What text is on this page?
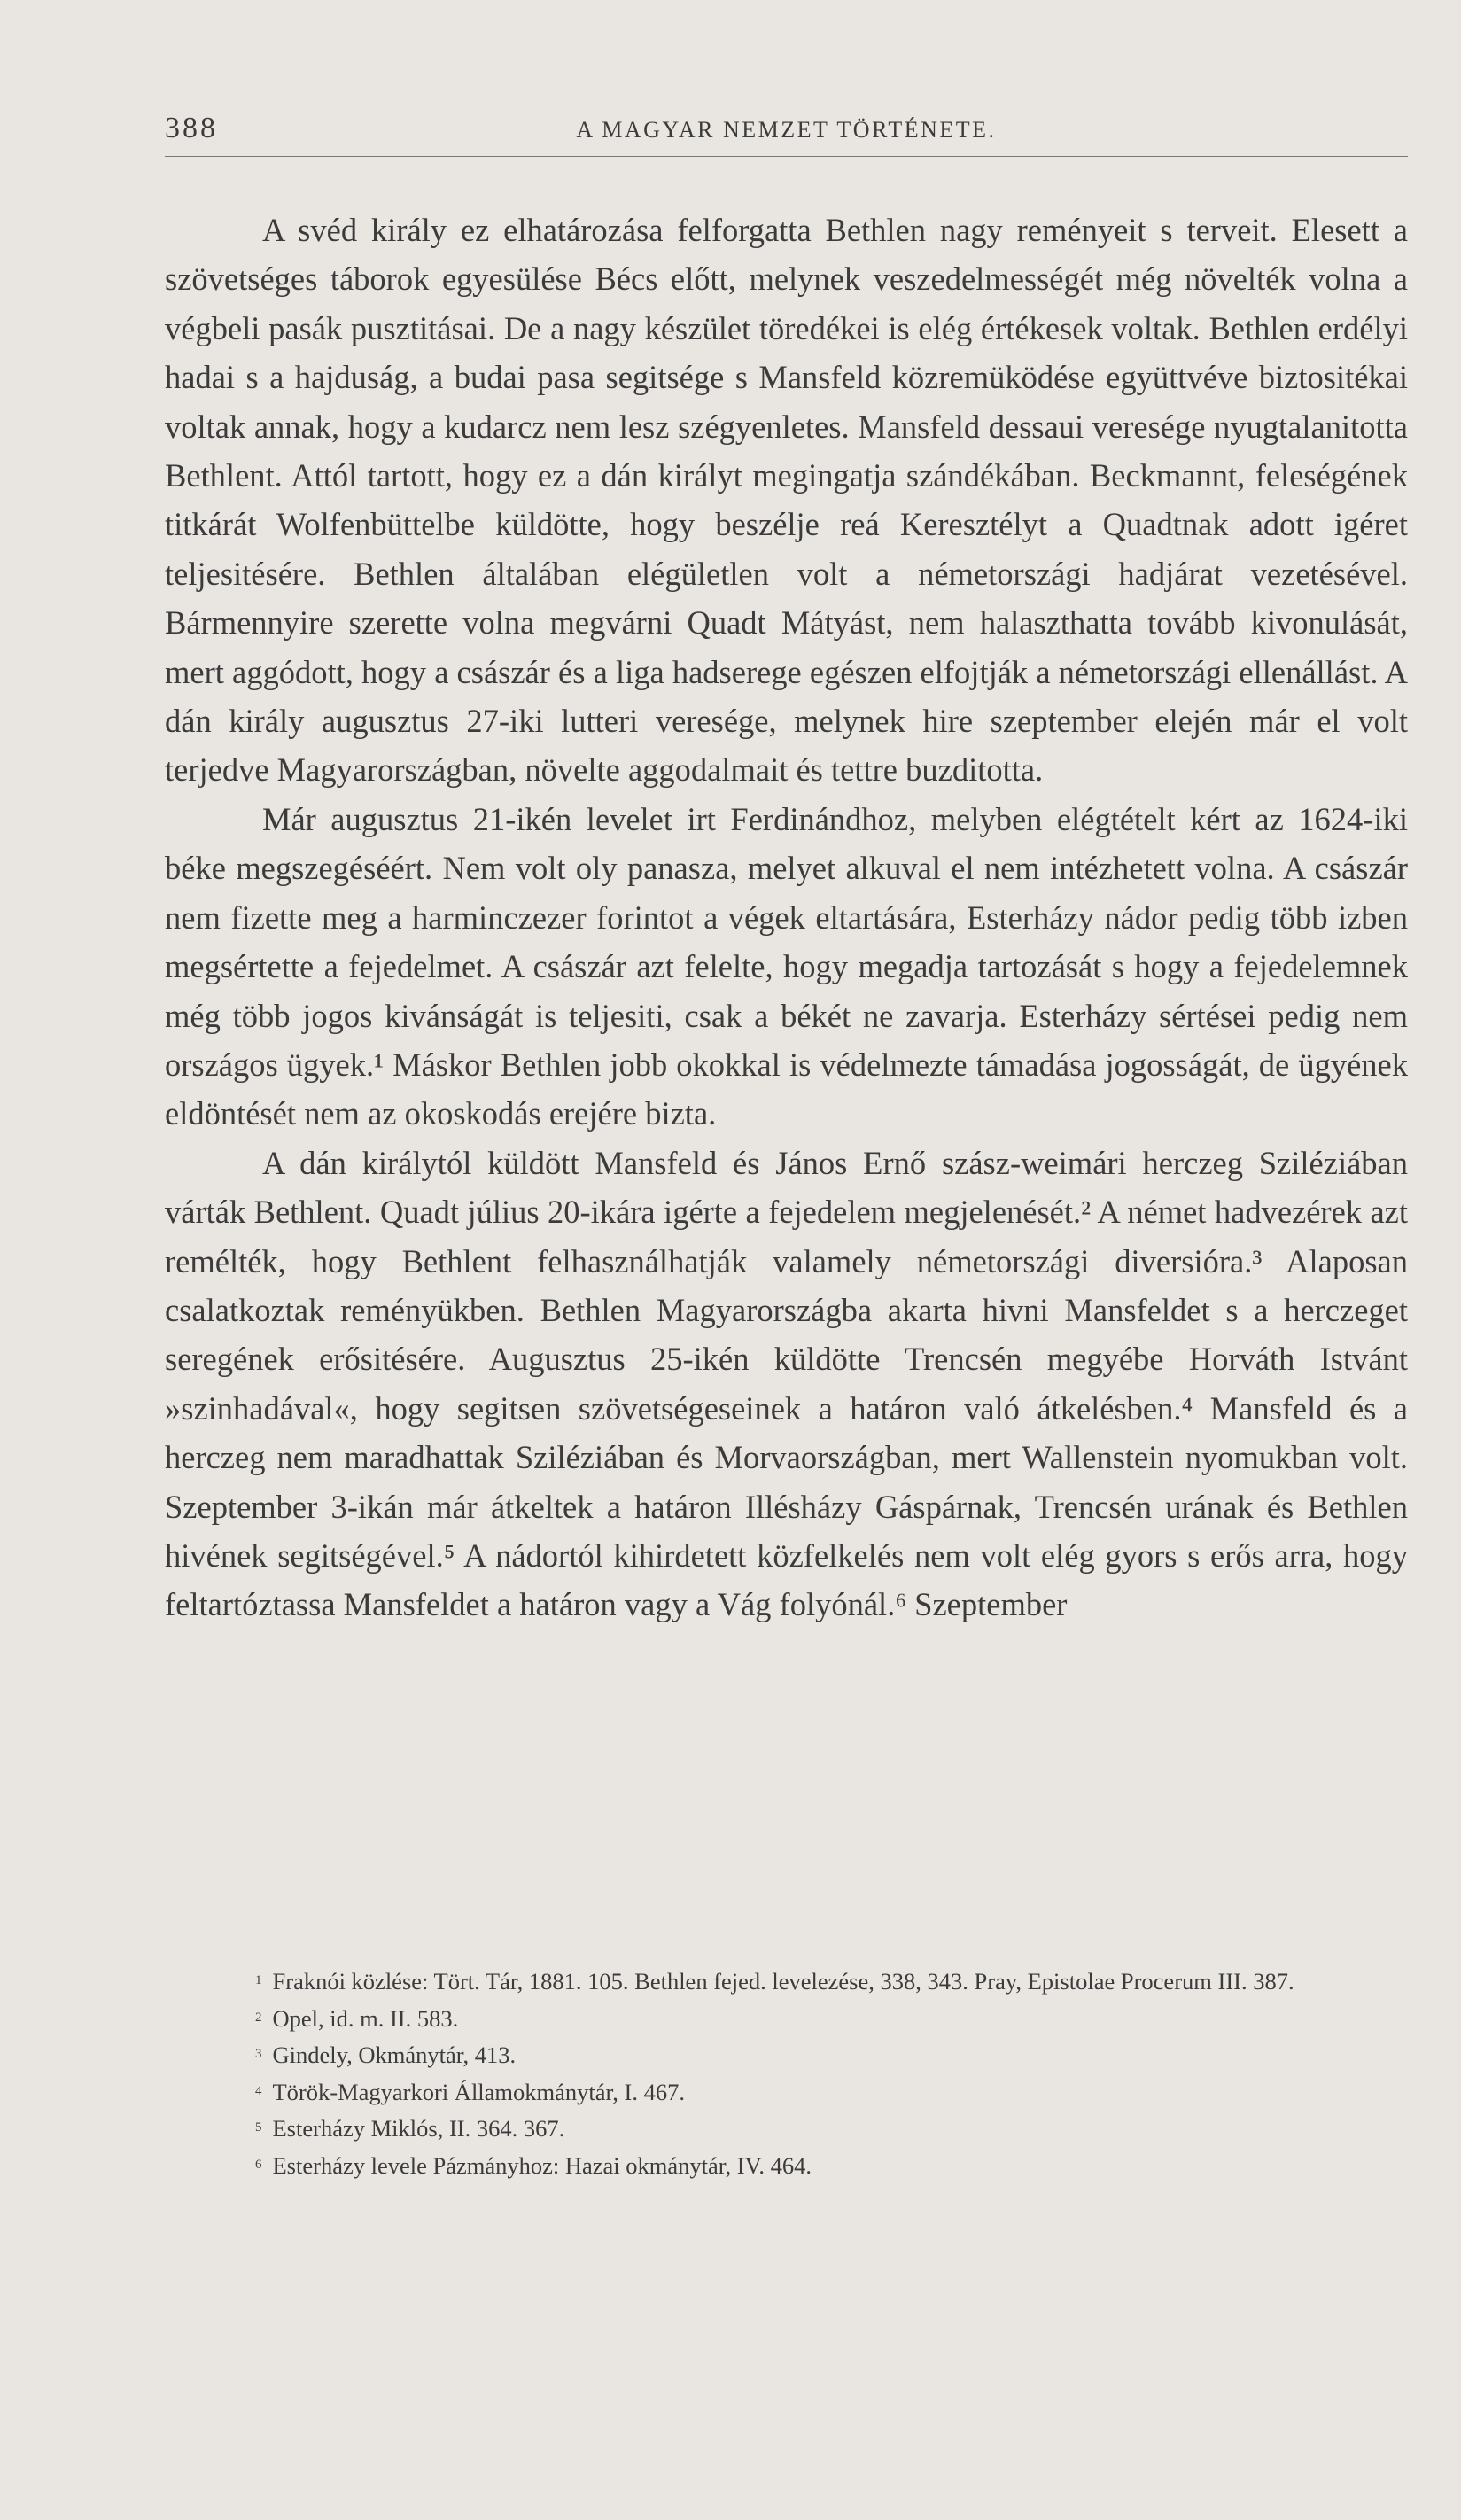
388	A MAGYAR NEMZET TÖRTÉNETE.

A svéd király ez elhatározása felforgatta Bethlen nagy reményeit s terveit. Elesett a szövetséges táborok egyesülése Bécs előtt, melynek veszedelmességét még növelték volna a végbeli pasák pusztitásai. De a nagy készület töredékei is elég értékesek voltak. Bethlen erdélyi hadai s a hajduság, a budai pasa segitsége s Mansfeld közremüködése együttvéve biztositékai voltak annak, hogy a kudarcz nem lesz szégyenletes. Mansfeld dessaui veresége nyugtalanitotta Bethlent. Attól tartott, hogy ez a dán királyt megingatja szándékában. Beckmannt, feleségének titkárát Wolfenbüttelbe küldötte, hogy beszélje reá Keresztélyt a Quadtnak adott igéret teljesitésére. Bethlen általában elégületlen volt a németországi hadjárat vezetésével. Bármennyire szerette volna megvárni Quadt Mátyást, nem halaszthatta tovább kivonulását, mert aggódott, hogy a császár és a liga hadserege egészen elfojtják a németországi ellenállást. A dán király augusztus 27-iki lutteri veresége, melynek hire szeptember elején már el volt terjedve Magyarországban, növelte aggodalmait és tettre buzditotta.

Már augusztus 21-ikén levelet irt Ferdinándhoz, melyben elégtételt kért az 1624-iki béke megszegéséért. Nem volt oly panasza, melyet alkuval el nem intézhetett volna. A császár nem fizette meg a harminczezer forintot a végek eltartására, Esterházy nádor pedig több izben megsértette a fejedelmet. A császár azt felelte, hogy megadja tartozását s hogy a fejedelemnek még több jogos kivánságát is teljesiti, csak a békét ne zavarja. Esterházy sértései pedig nem országos ügyek.¹ Máskor Bethlen jobb okokkal is védelmezte támadása jogosságát, de ügyének eldöntését nem az okoskodás erejére bizta.

A dán királytól küldött Mansfeld és János Ernő szász-weimári herczeg Sziléziában várták Bethlent. Quadt július 20-ikára igérte a fejedelem megjelenését.² A német hadvezérek azt remélték, hogy Bethlent felhasználhatják valamely németországi diversióra.³ Alaposan csalatkoztak reményükben. Bethlen Magyarországba akarta hivni Mansfeldet s a herczeget seregének erősitésére. Augusztus 25-ikén küldötte Trencsén megyébe Horváth Istvánt »szinhadával«, hogy segitsen szövetségeseinek a határon való átkelésben.⁴ Mansfeld és a herczeg nem maradhattak Sziléziában és Morvaországban, mert Wallenstein nyomukban volt. Szeptember 3-ikán már átkeltek a határon Illésházy Gáspárnak, Trencsén urának és Bethlen hivének segitségével.⁵ A nádortól kihirdetett közfelkelés nem volt elég gyors s erős arra, hogy feltartóztassa Mansfeldet a határon vagy a Vág folyónál.⁶ Szeptember

$^1$ Fraknói közlése: Tört. Tár, 1881. 105. Bethlen fejed. levelezése, 338, 343. Pray, Epistolae Procerum III. 387.

$^2$ Opel, id. m. II. 583.

$^3$ Gindely, Okmánytár, 413.

$^4$ Török-Magyarkori Államokmánytár, I. 467.

$^5$ Esterházy Miklós, II. 364. 367.

$^6$ Esterházy levele Pázmányhoz: Hazai okmánytár, IV. 464.
